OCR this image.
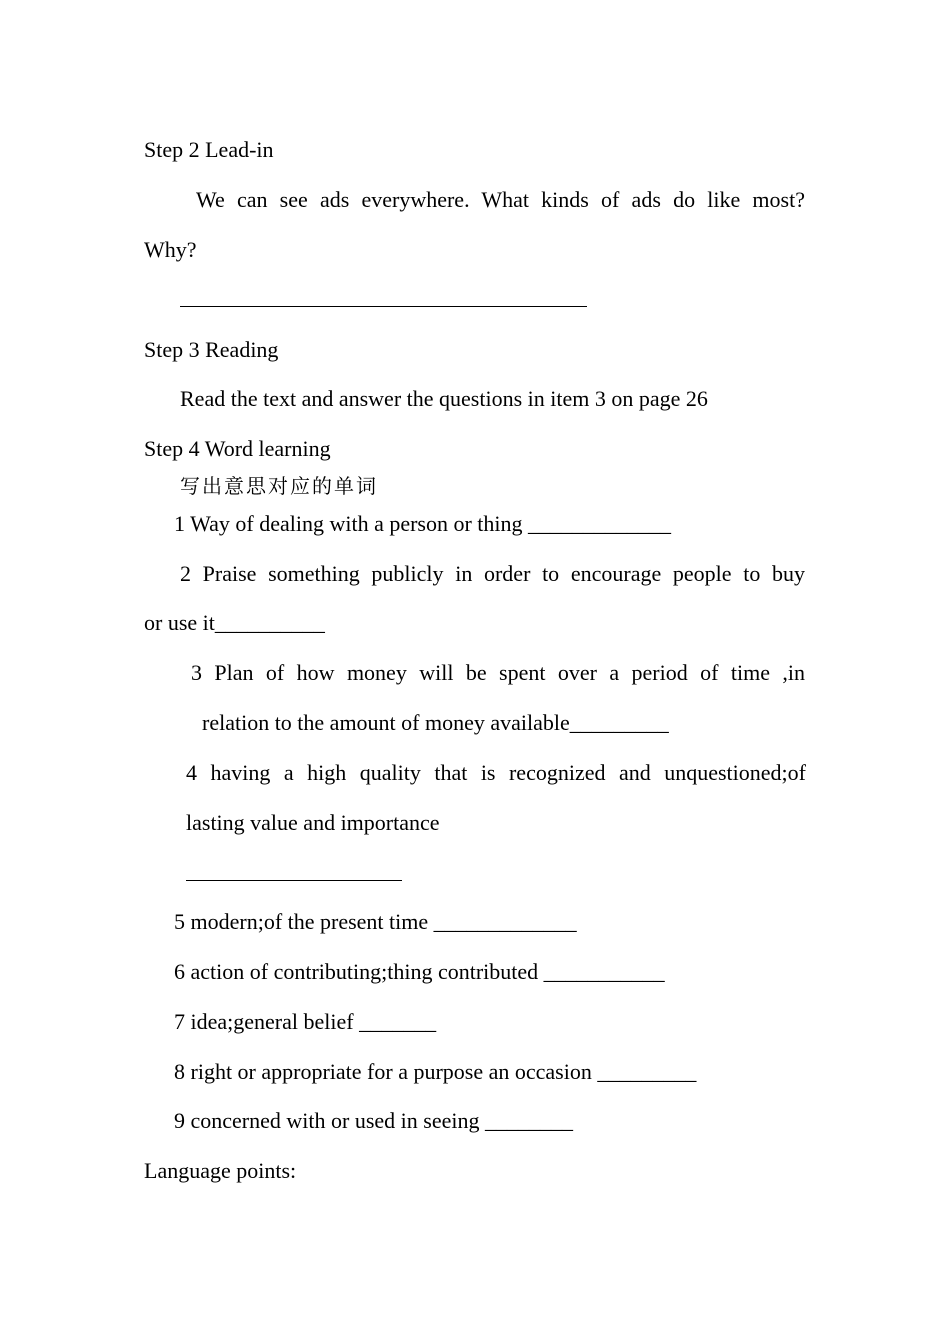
Step 2 Lead-in
We can see ads everywhere. What kinds of ads do like most?
Why?
Step 3 Reading
Read the text and answer the questions in item 3 on page 26
Step 4 Word learning
写出意思对应的单词
1 Way of dealing with a person or thing _____________
2 Praise something publicly in order to encourage people to buy
or use it__________
3 Plan of how money will be spent over a period of time ,in
relation to the amount of money available_________
4 having a high quality that is recognized and unquestioned;of
lasting value and importance
5 modern;of the present time _____________
6 action of contributing;thing contributed ___________
7 idea;general belief _______
8 right or appropriate for a purpose an occasion _________
9 concerned with or used in seeing ________
Language points:
